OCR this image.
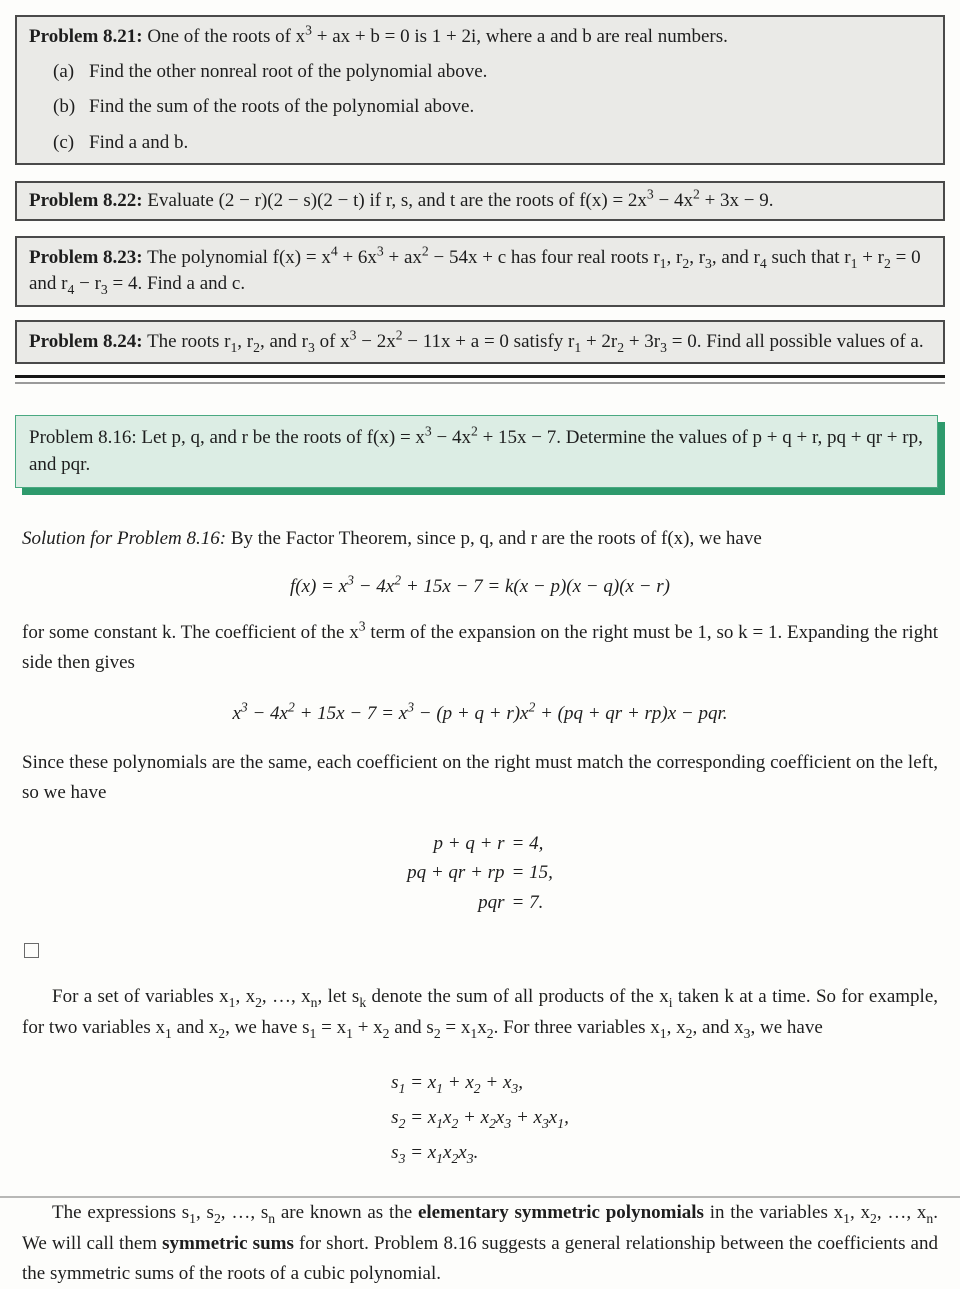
Problem 8.21: One of the roots of $x^3$ + ax + b = 0 is 1 + 2i, where a and b are real numbers.
(a) Find the other nonreal root of the polynomial above.
(b) Find the sum of the roots of the polynomial above.
(c) Find a and b.
Problem 8.22: Evaluate (2 − r)(2 − s)(2 − t) if r, s, and t are the roots of $f(x) = 2x^3 - 4x^2 + 3x - 9$.
Problem 8.23: The polynomial $f(x) = x^4 + 6x^3 + ax^2 - 54x + c$ has four real roots $r_1$, $r_2$, $r_3$, and $r_4$ such that $r_1 + r_2 = 0$ and $r_4 - r_3 = 4$. Find a and c.
Problem 8.24: The roots $r_1$, $r_2$, and $r_3$ of $x^3 - 2x^2 - 11x + a = 0$ satisfy $r_1 + 2r_2 + 3r_3 = 0$. Find all possible values of a.
Problem 8.16: Let p, q, and r be the roots of $f(x) = x^3 - 4x^2 + 15x - 7$. Determine the values of p + q + r, pq + qr + rp, and pqr.
Solution for Problem 8.16: By the Factor Theorem, since p, q, and r are the roots of f(x), we have
$f(x) = x^3 - 4x^2 + 15x - 7 = k(x - p)(x - q)(x - r)$
for some constant k. The coefficient of the $x^3$ term of the expansion on the right must be 1, so k = 1. Expanding the right side then gives
$x^3 - 4x^2 + 15x - 7 = x^3 - (p + q + r)x^2 + (pq$ + qr + rp)x − pqr.
Since these polynomials are the same, each coefficient on the right must match the corresponding coefficient on the left, so we have
p + q + r = 4,
pq + qr + rp = 15,
pqr = 7.
For a set of variables $x_1$, $x_2$, …, $x_n$, let $s_k$ denote the sum of all products of the $x_i$ taken k at a time. So for example, for two variables $x_1$ and $x_2$, we have $s_1 = x_1 + x_2$ and $s_2 = x_1x_2$. For three variables $x_1$, $x_2$, and $x_3$, we have
$s_1 = x_1 + x_2 + x_3$,
$s_2 = x_1x_2 + x_2x_3 + x_3x_1$,
$s_3 = x_1x_2x_3$.
The expressions $s_1$, $s_2$, …, $s_n$ are known as the elementary symmetric polynomials in the variables $x_1$, $x_2$, …, $x_n$. We will call them symmetric sums for short. Problem 8.16 suggests a general relationship between the coefficients and the symmetric sums of the roots of a cubic polynomial.
